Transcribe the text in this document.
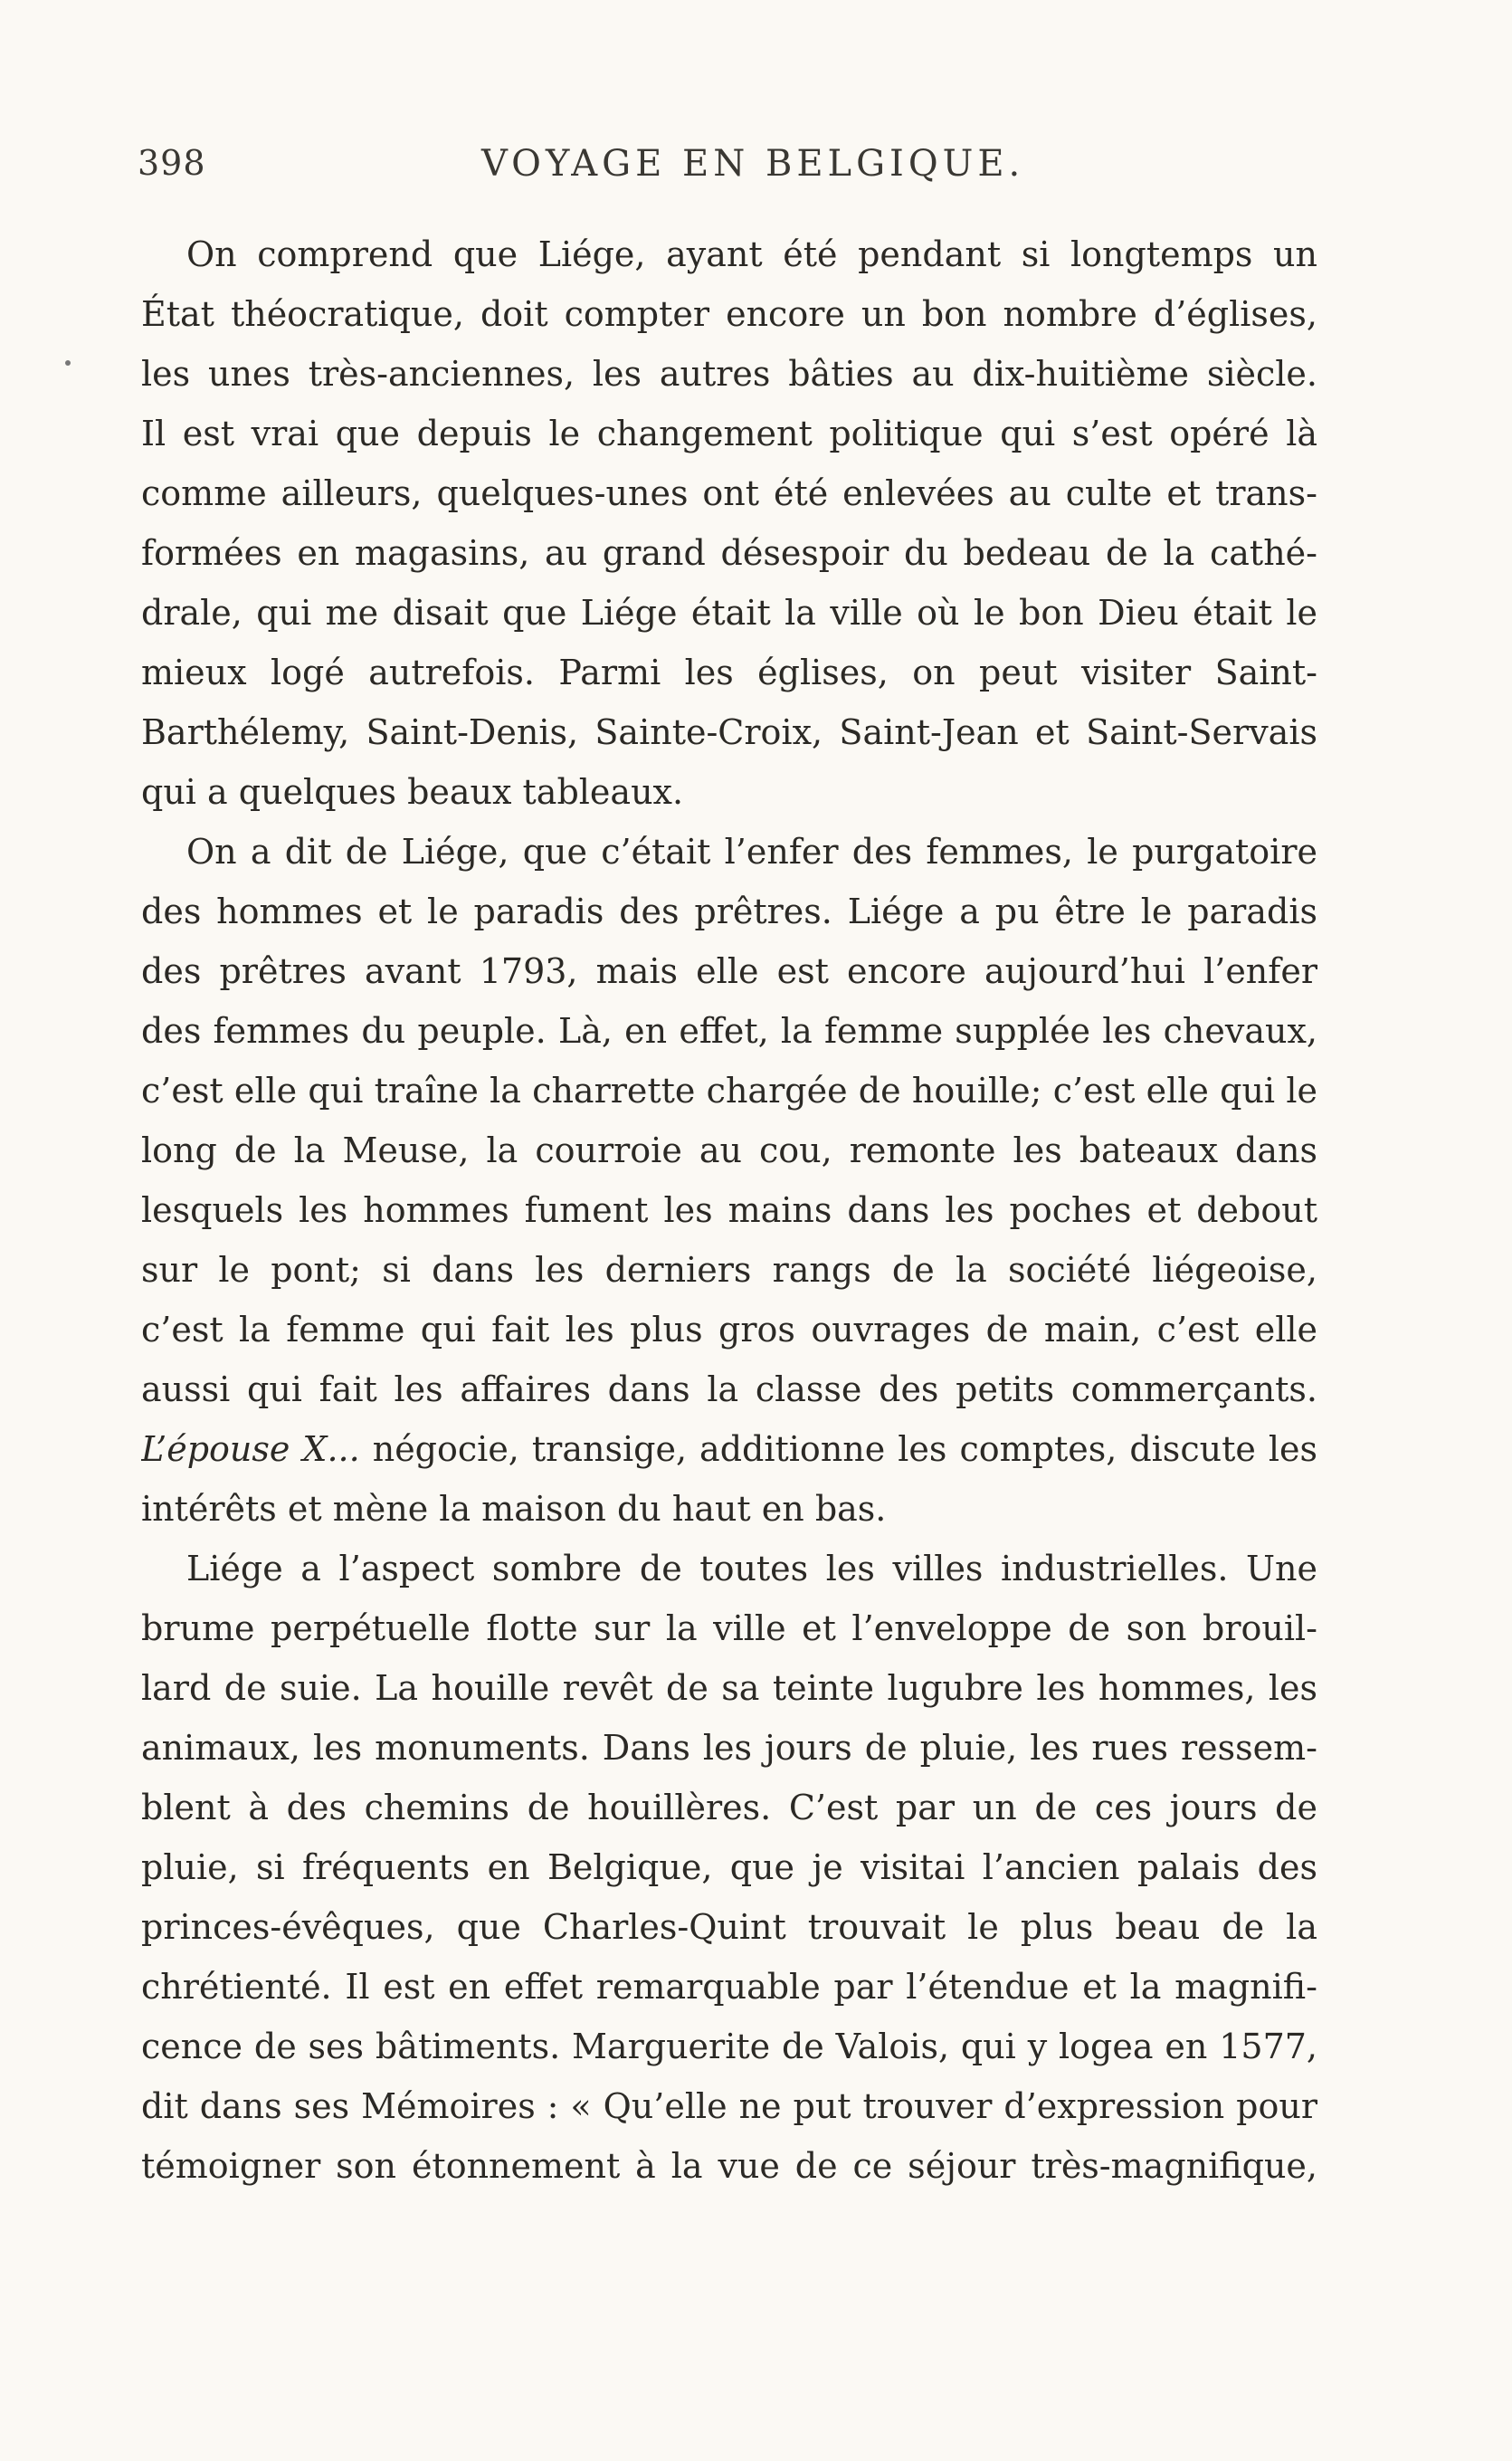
398	VOYAGE EN BELGIQUE.
On comprend que Liége, ayant été pendant si longtemps un
État théocratique, doit compter encore un bon nombre d’églises,
les unes très-anciennes, les autres bâties au dix-huitième siècle.
Il est vrai que depuis le changement politique qui s’est opéré là
comme ailleurs, quelques-unes ont été enlevées au culte et trans-
formées en magasins, au grand désespoir du bedeau de la cathé-
drale, qui me disait que Liége était la ville où le bon Dieu était le
mieux logé autrefois. Parmi les églises, on peut visiter Saint-
Barthélemy, Saint-Denis, Sainte-Croix, Saint-Jean et Saint-Servais
qui a quelques beaux tableaux.
On a dit de Liége, que c’était l’enfer des femmes, le purgatoire
des hommes et le paradis des prêtres. Liége a pu être le paradis
des prêtres avant 1793, mais elle est encore aujourd’hui l’enfer
des femmes du peuple. Là, en effet, la femme supplée les chevaux,
c’est elle qui traîne la charrette chargée de houille; c’est elle qui le
long de la Meuse, la courroie au cou, remonte les bateaux dans
lesquels les hommes fument les mains dans les poches et debout
sur le pont; si dans les derniers rangs de la société liégeoise,
c’est la femme qui fait les plus gros ouvrages de main, c’est elle
aussi qui fait les affaires dans la classe des petits commerçants.
L’épouse X... négocie, transige, additionne les comptes, discute les
intérêts et mène la maison du haut en bas.
Liége a l’aspect sombre de toutes les villes industrielles. Une
brume perpétuelle flotte sur la ville et l’enveloppe de son brouil-
lard de suie. La houille revêt de sa teinte lugubre les hommes, les
animaux, les monuments. Dans les jours de pluie, les rues ressem-
blent à des chemins de houillères. C’est par un de ces jours de
pluie, si fréquents en Belgique, que je visitai l’ancien palais des
princes-évêques, que Charles-Quint trouvait le plus beau de la
chrétienté. Il est en effet remarquable par l’étendue et la magnifi-
cence de ses bâtiments. Marguerite de Valois, qui y logea en 1577,
dit dans ses Mémoires : « Qu’elle ne put trouver d’expression pour
témoigner son étonnement à la vue de ce séjour très-magnifique,
